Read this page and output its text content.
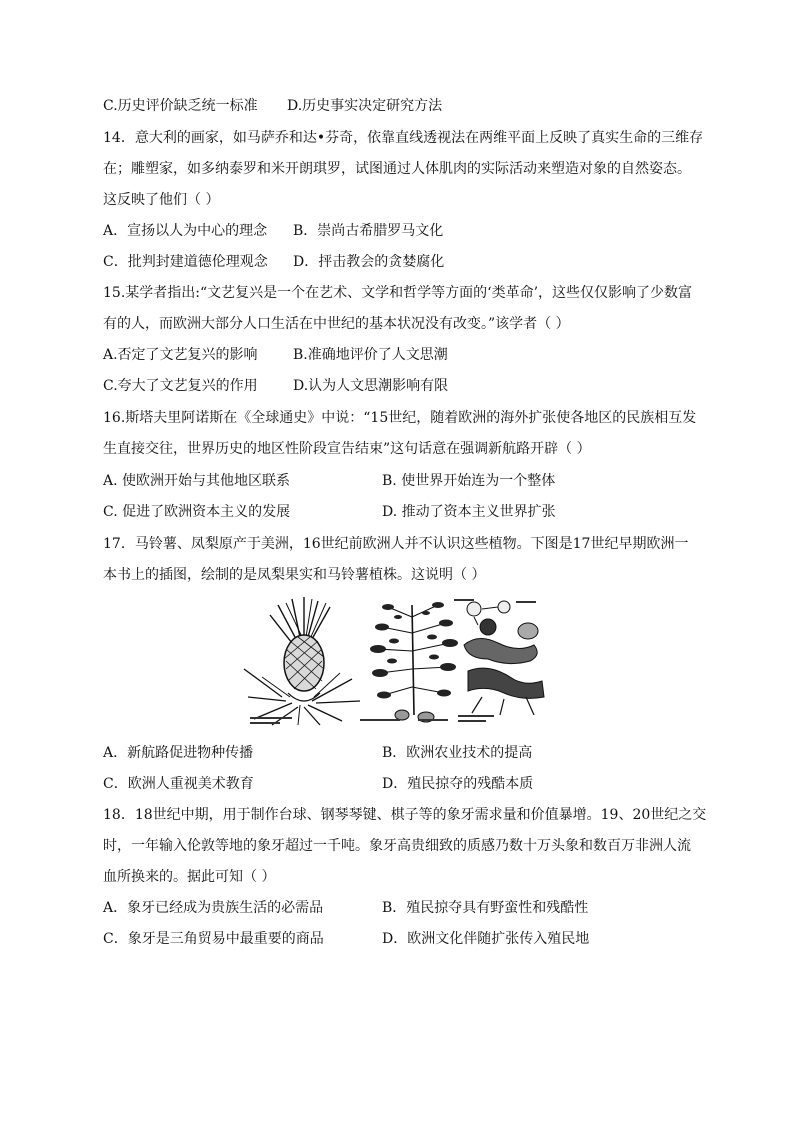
C.历史评价缺乏统一标准 D.历史事实决定研究方法
14．意大利的画家，如马萨乔和达•芬奇，依靠直线透视法在两维平面上反映了真实生命的三维存
在；雕塑家，如多纳泰罗和米开朗琪罗，试图通过人体肌肉的实际活动来塑造对象的自然姿态。
这反映了他们（ ）
A．宣扬以人为中心的理念 B．崇尚古希腊罗马文化
C．批判封建道德伦理观念 D．抨击教会的贪婪腐化
15.某学者指出:“文艺复兴是一个在艺术、文学和哲学等方面的‘类革命’，这些仅仅影响了少数富
有的人，而欧洲大部分人口生活在中世纪的基本状况没有改变。”该学者（ ）
A.否定了文艺复兴的影响	B.准确地评价了人文思潮
C.夸大了文艺复兴的作用	D.认为人文思潮影响有限
16.斯塔夫里阿诺斯在《全球通史》中说：“15世纪，随着欧洲的海外扩张使各地区的民族相互发
生直接交往，世界历史的地区性阶段宣告结束”这句话意在强调新航路开辟（ ）
A. 使欧洲开始与其他地区联系	B. 使世界开始连为一个整体
C. 促进了欧洲资本主义的发展	D. 推动了资本主义世界扩张
17．马铃薯、凤梨原产于美洲，16世纪前欧洲人并不认识这些植物。下图是17世纪早期欧洲一
本书上的插图，绘制的是凤梨果实和马铃薯植株。这说明（ ）
A．新航路促进物种传播	B．欧洲农业技术的提高
C．欧洲人重视美术教育	D．殖民掠夺的残酷本质
18．18世纪中期，用于制作台球、钢琴琴键、棋子等的象牙需求量和价值暴增。19、20世纪之交
时，一年输入伦敦等地的象牙超过一千吨。象牙高贵细致的质感乃数十万头象和数百万非洲人流
血所换来的。据此可知（ ）
A．象牙已经成为贵族生活的必需品	B．殖民掠夺具有野蛮性和残酷性
C．象牙是三角贸易中最重要的商品	D．欧洲文化伴随扩张传入殖民地
